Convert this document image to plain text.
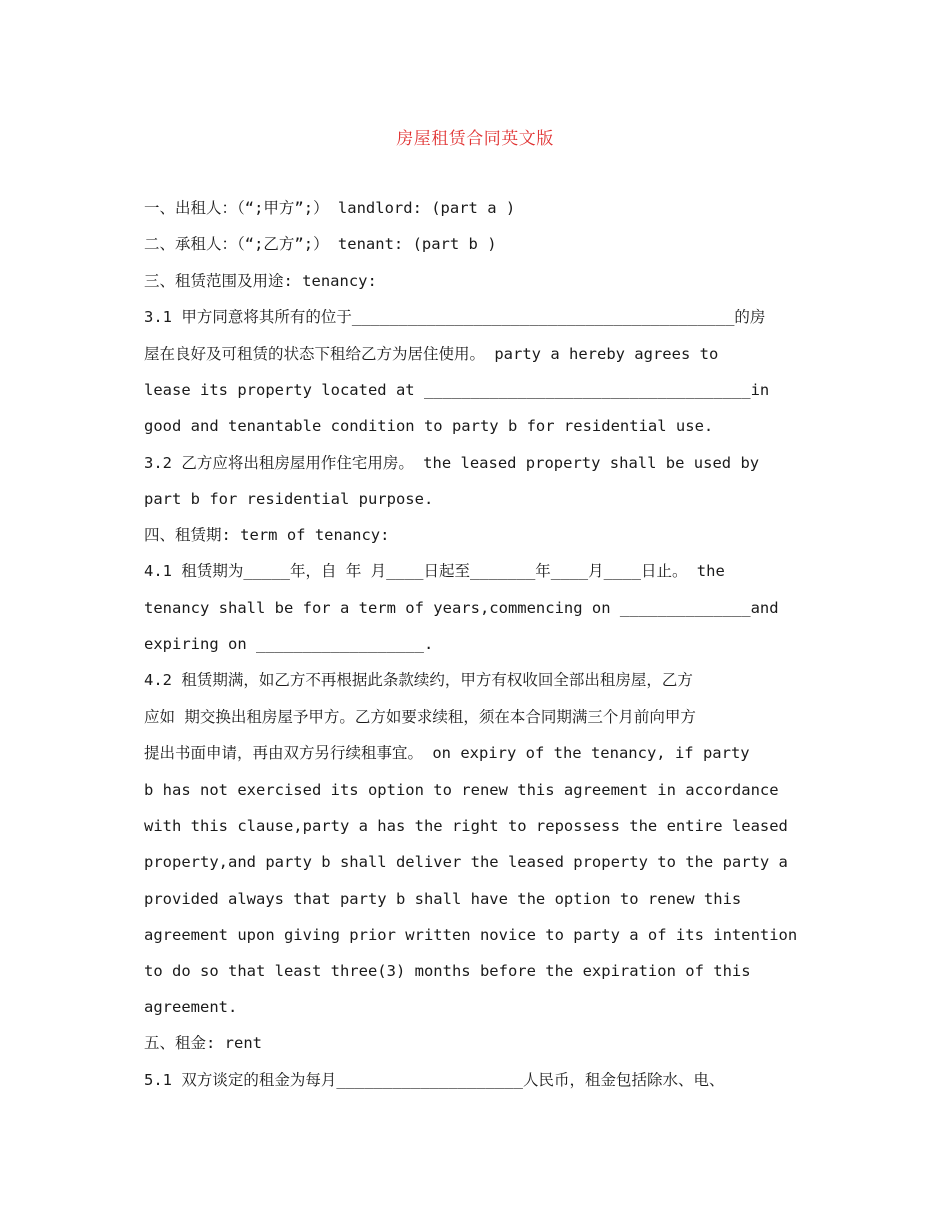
房屋租赁合同英文版
一、出租人：（“;甲方”;） landlord: (part a )
二、承租人：（“;乙方”;） tenant: (part b )
三、租赁范围及用途: tenancy:
3.1 甲方同意将其所有的位于_________________________________________的房
屋在良好及可租赁的状态下租给乙方为居住使用。 party a hereby agrees to
lease its property located at ___________________________________in
good and tenantable condition to party b for residential use.
3.2 乙方应将出租房屋用作住宅用房。 the leased property shall be used by
part b for residential purpose.
四、租赁期: term of tenancy:
4.1 租赁期为_____年，自 年 月____日起至_______年____月____日止。 the
tenancy shall be for a term of years,commencing on ______________and
expiring on __________________.
4.2 租赁期满，如乙方不再根据此条款续约，甲方有权收回全部出租房屋，乙方
应如 期交换出租房屋予甲方。乙方如要求续租，须在本合同期满三个月前向甲方
提出书面申请，再由双方另行续租事宜。 on expiry of the tenancy, if party
b has not exercised its option to renew this agreement in accordance
with this clause,party a has the right to repossess the entire leased
property,and party b shall deliver the leased property to the party a
provided always that party b shall have the option to renew this
agreement upon giving prior written novice to party a of its intention
to do so that least three(3) months before the expiration of this
agreement.
五、租金: rent
5.1 双方谈定的租金为每月____________________人民币，租金包括除水、电、
